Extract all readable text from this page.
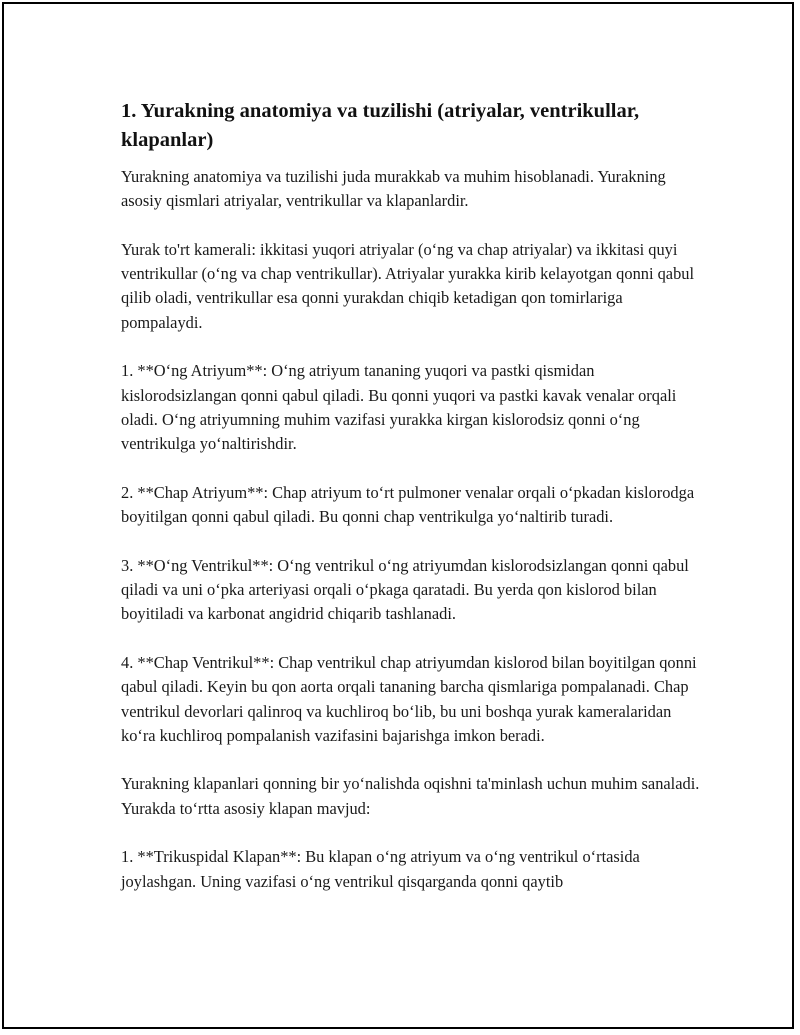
1. Yurakning anatomiya va tuzilishi (atriyalar, ventrikullar, klapanlar)

Yurakning anatomiya va tuzilishi juda murakkab va muhim hisoblanadi. Yurakning asosiy qismlari atriyalar, ventrikullar va klapanlardir.

Yurak to'rt kamerali: ikkitasi yuqori atriyalar (o‘ng va chap atriyalar) va ikkitasi quyi ventrikullar (o‘ng va chap ventrikullar). Atriyalar yurakka kirib kelayotgan qonni qabul qilib oladi, ventrikullar esa qonni yurakdan chiqib ketadigan qon tomirlariga pompalaydi.

1. **O‘ng Atriyum**: O‘ng atriyum tananing yuqori va pastki qismidan kislorodsizlangan qonni qabul qiladi. Bu qonni yuqori va pastki kavak venalar orqali oladi. O‘ng atriyumning muhim vazifasi yurakka kirgan kislorodsiz qonni o‘ng ventrikulga yo‘naltirishdir.

2. **Chap Atriyum**: Chap atriyum to‘rt pulmoner venalar orqali o‘pkadan kislorodga boyitilgan qonni qabul qiladi. Bu qonni chap ventrikulga yo‘naltirib turadi.

3. **O‘ng Ventrikul**: O‘ng ventrikul o‘ng atriyumdan kislorodsizlangan qonni qabul qiladi va uni o‘pka arteriyasi orqali o‘pkaga qaratadi. Bu yerda qon kislorod bilan boyitiladi va karbonat angidrid chiqarib tashlanadi.

4. **Chap Ventrikul**: Chap ventrikul chap atriyumdan kislorod bilan boyitilgan qonni qabul qiladi. Keyin bu qon aorta orqali tananing barcha qismlariga pompalanadi. Chap ventrikul devorlari qalinroq va kuchliroq bo‘lib, bu uni boshqa yurak kameralaridan ko‘ra kuchliroq pompalanish vazifasini bajarishga imkon beradi.

Yurakning klapanlari qonning bir yo‘nalishda oqishni ta'minlash uchun muhim sanaladi. Yurakda to‘rtta asosiy klapan mavjud:

1. **Trikuspidal Klapan**: Bu klapan o‘ng atriyum va o‘ng ventrikul o‘rtasida joylashgan. Uning vazifasi o‘ng ventrikul qisqarganda qonni qaytib
